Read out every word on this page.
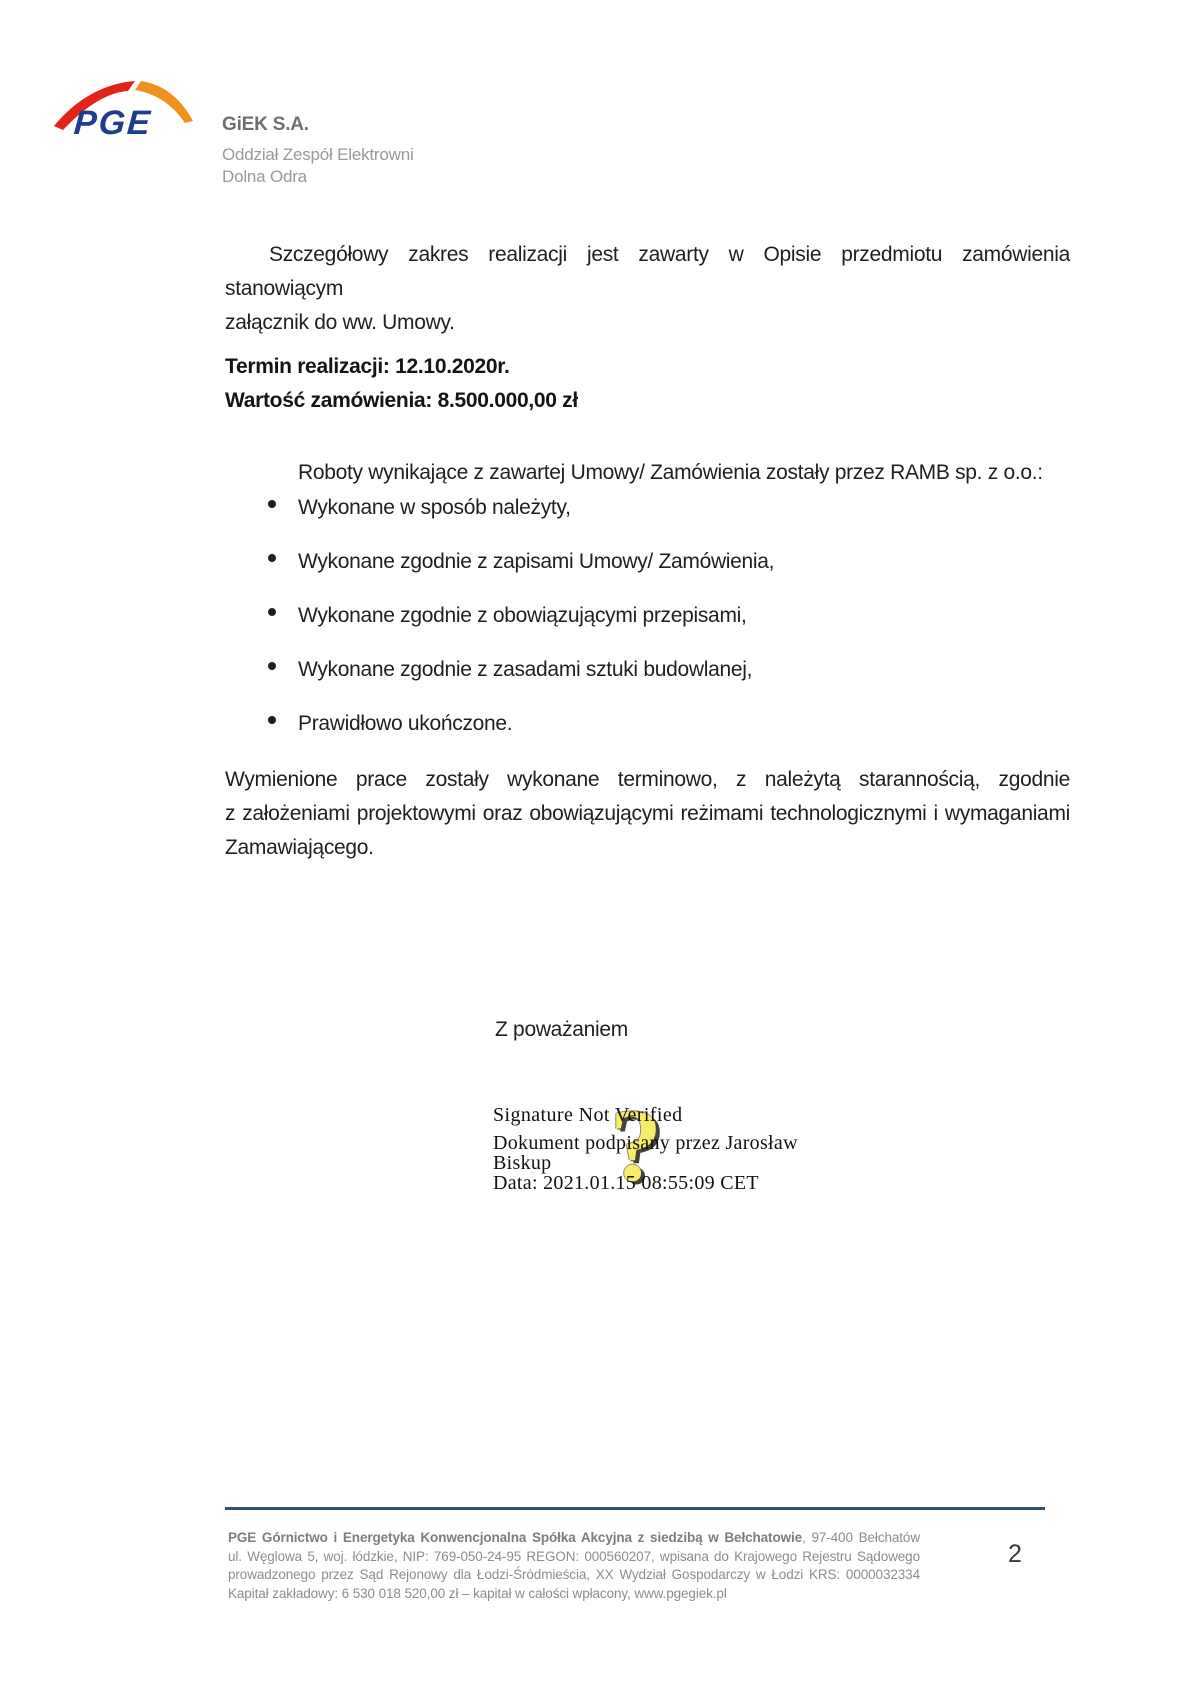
PGE	GiEK S.A.
Oddział Zespół Elektrowni
Dolna Odra
Szczegółowy zakres realizacji jest zawarty w Opisie przedmiotu zamówienia stanowiącym
załącznik do ww. Umowy.
Termin realizacji: 12.10.2020r.
Wartość zamówienia: 8.500.000,00 zł
Roboty wynikające z zawartej Umowy/ Zamówienia zostały przez RAMB sp. z o.o.:
Wykonane w sposób należyty,
Wykonane zgodnie z zapisami Umowy/ Zamówienia,
Wykonane zgodnie z obowiązującymi przepisami,
Wykonane zgodnie z zasadami sztuki budowlanej,
Prawidłowo ukończone.
Wymienione prace zostały wykonane terminowo, z należytą starannością, zgodnie
z założeniami projektowymi oraz obowiązującymi reżimami technologicznymi i wymaganiami
Zamawiającego.
Z poważaniem
?
Signature Not Verified
Dokument podpisany przez Jarosław
Biskup
Data: 2021.01.15 08:55:09 CET
PGE Górnictwo i Energetyka Konwencjonalna Spółka Akcyjna z siedzibą w Bełchatowie, 97-400 Bełchatów
ul. Węglowa 5, woj. łódzkie, NIP: 769-050-24-95 REGON: 000560207, wpisana do Krajowego Rejestru Sądowego
prowadzonego przez Sąd Rejonowy dla Łodzi-Śródmieścia, XX Wydział Gospodarczy w Łodzi KRS: 0000032334
Kapitał zakładowy: 6 530 018 520,00 zł – kapitał w całości wpłacony, www.pgegiek.pl
2
